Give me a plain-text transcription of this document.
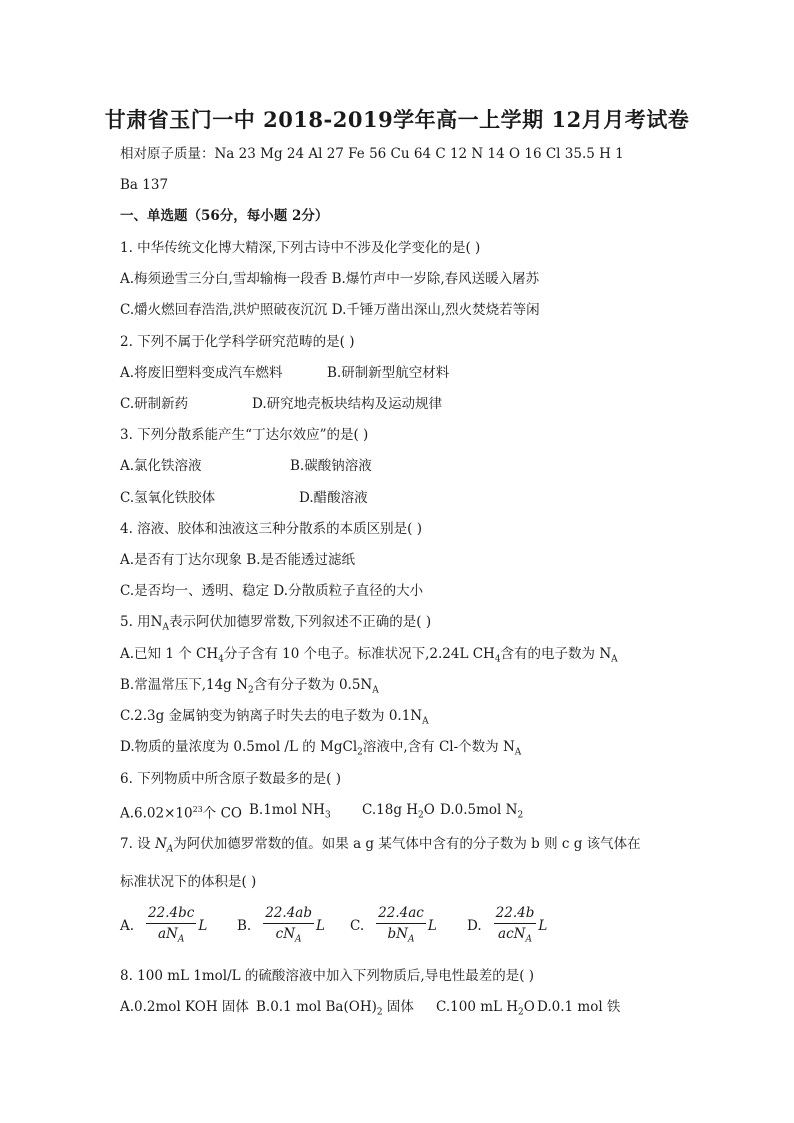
甘肃省玉门一中 2018-2019学年高一上学期 12月月考试卷
相对原子质量：Na 23 Mg 24 Al 27 Fe 56 Cu 64 C 12 N 14 O 16 Cl 35.5 H 1
Ba 137
一、单选题（56分，每小题 2分）
1. 中华传统文化博大精深,下列古诗中不涉及化学变化的是( )
A.梅须逊雪三分白,雪却输梅一段香 B.爆竹声中一岁除,春风送暖入屠苏
C.爝火燃回春浩浩,洪炉照破夜沉沉 D.千锤万凿出深山,烈火焚烧若等闲
2. 下列不属于化学科学研究范畴的是( )
A.将废旧塑料变成汽车燃料	B.研制新型航空材料
C.研制新药	D.研究地壳板块结构及运动规律
3. 下列分散系能产生“丁达尔效应”的是( )
A.氯化铁溶液	B.碳酸钠溶液
C.氢氧化铁胶体	D.醋酸溶液
4. 溶液、胶体和浊液这三种分散系的本质区别是( )
A.是否有丁达尔现象 B.是否能透过滤纸
C.是否均一、透明、稳定 D.分散质粒子直径的大小
5. 用$N_A$表示阿伏加德罗常数,下列叙述不正确的是( )
A.已知 1 个 $CH_4$分子含有 10 个电子。标准状况下,2.24L $CH_4$含有的电子数为 $N_A$
B.常温常压下,14g $N_2$含有分子数为 $0.5N_A$
C.2.3g 金属钠变为钠离子时失去的电子数为 $0.1N_A$
D.物质的量浓度为 0.5mol /L 的 MgCl$_2$溶液中,含有 Cl-个数为 $N_A$
6. 下列物质中所含原子数最多的是( )
$A.6.02\times 10^{23}$个 CO B.1mol $NH_3$ C.18g $H_2O$ D.0.5mol $N_2$
7. 设 $N_A$为阿伏加德罗常数的值。如果 a g 某气体中含有的分子数为 b 则 c g 该气体在
标准状况下的体积是( )
A. $\frac{22.4bc}{aN_A}$ L B. $\frac{22.4ab}{cN_A}$ L C. $\frac{22.4ac}{bN_A}$ L D. $\frac{22.4b}{acN_A}$ L
8. 100 mL 1mol/L 的硫酸溶液中加入下列物质后,导电性最差的是( )
A.0.2mol KOH 固体 B.0.1 mol $Ba(OH)_2$ 固体 C.100 mL $H_2O$ D.0.1 mol 铁
